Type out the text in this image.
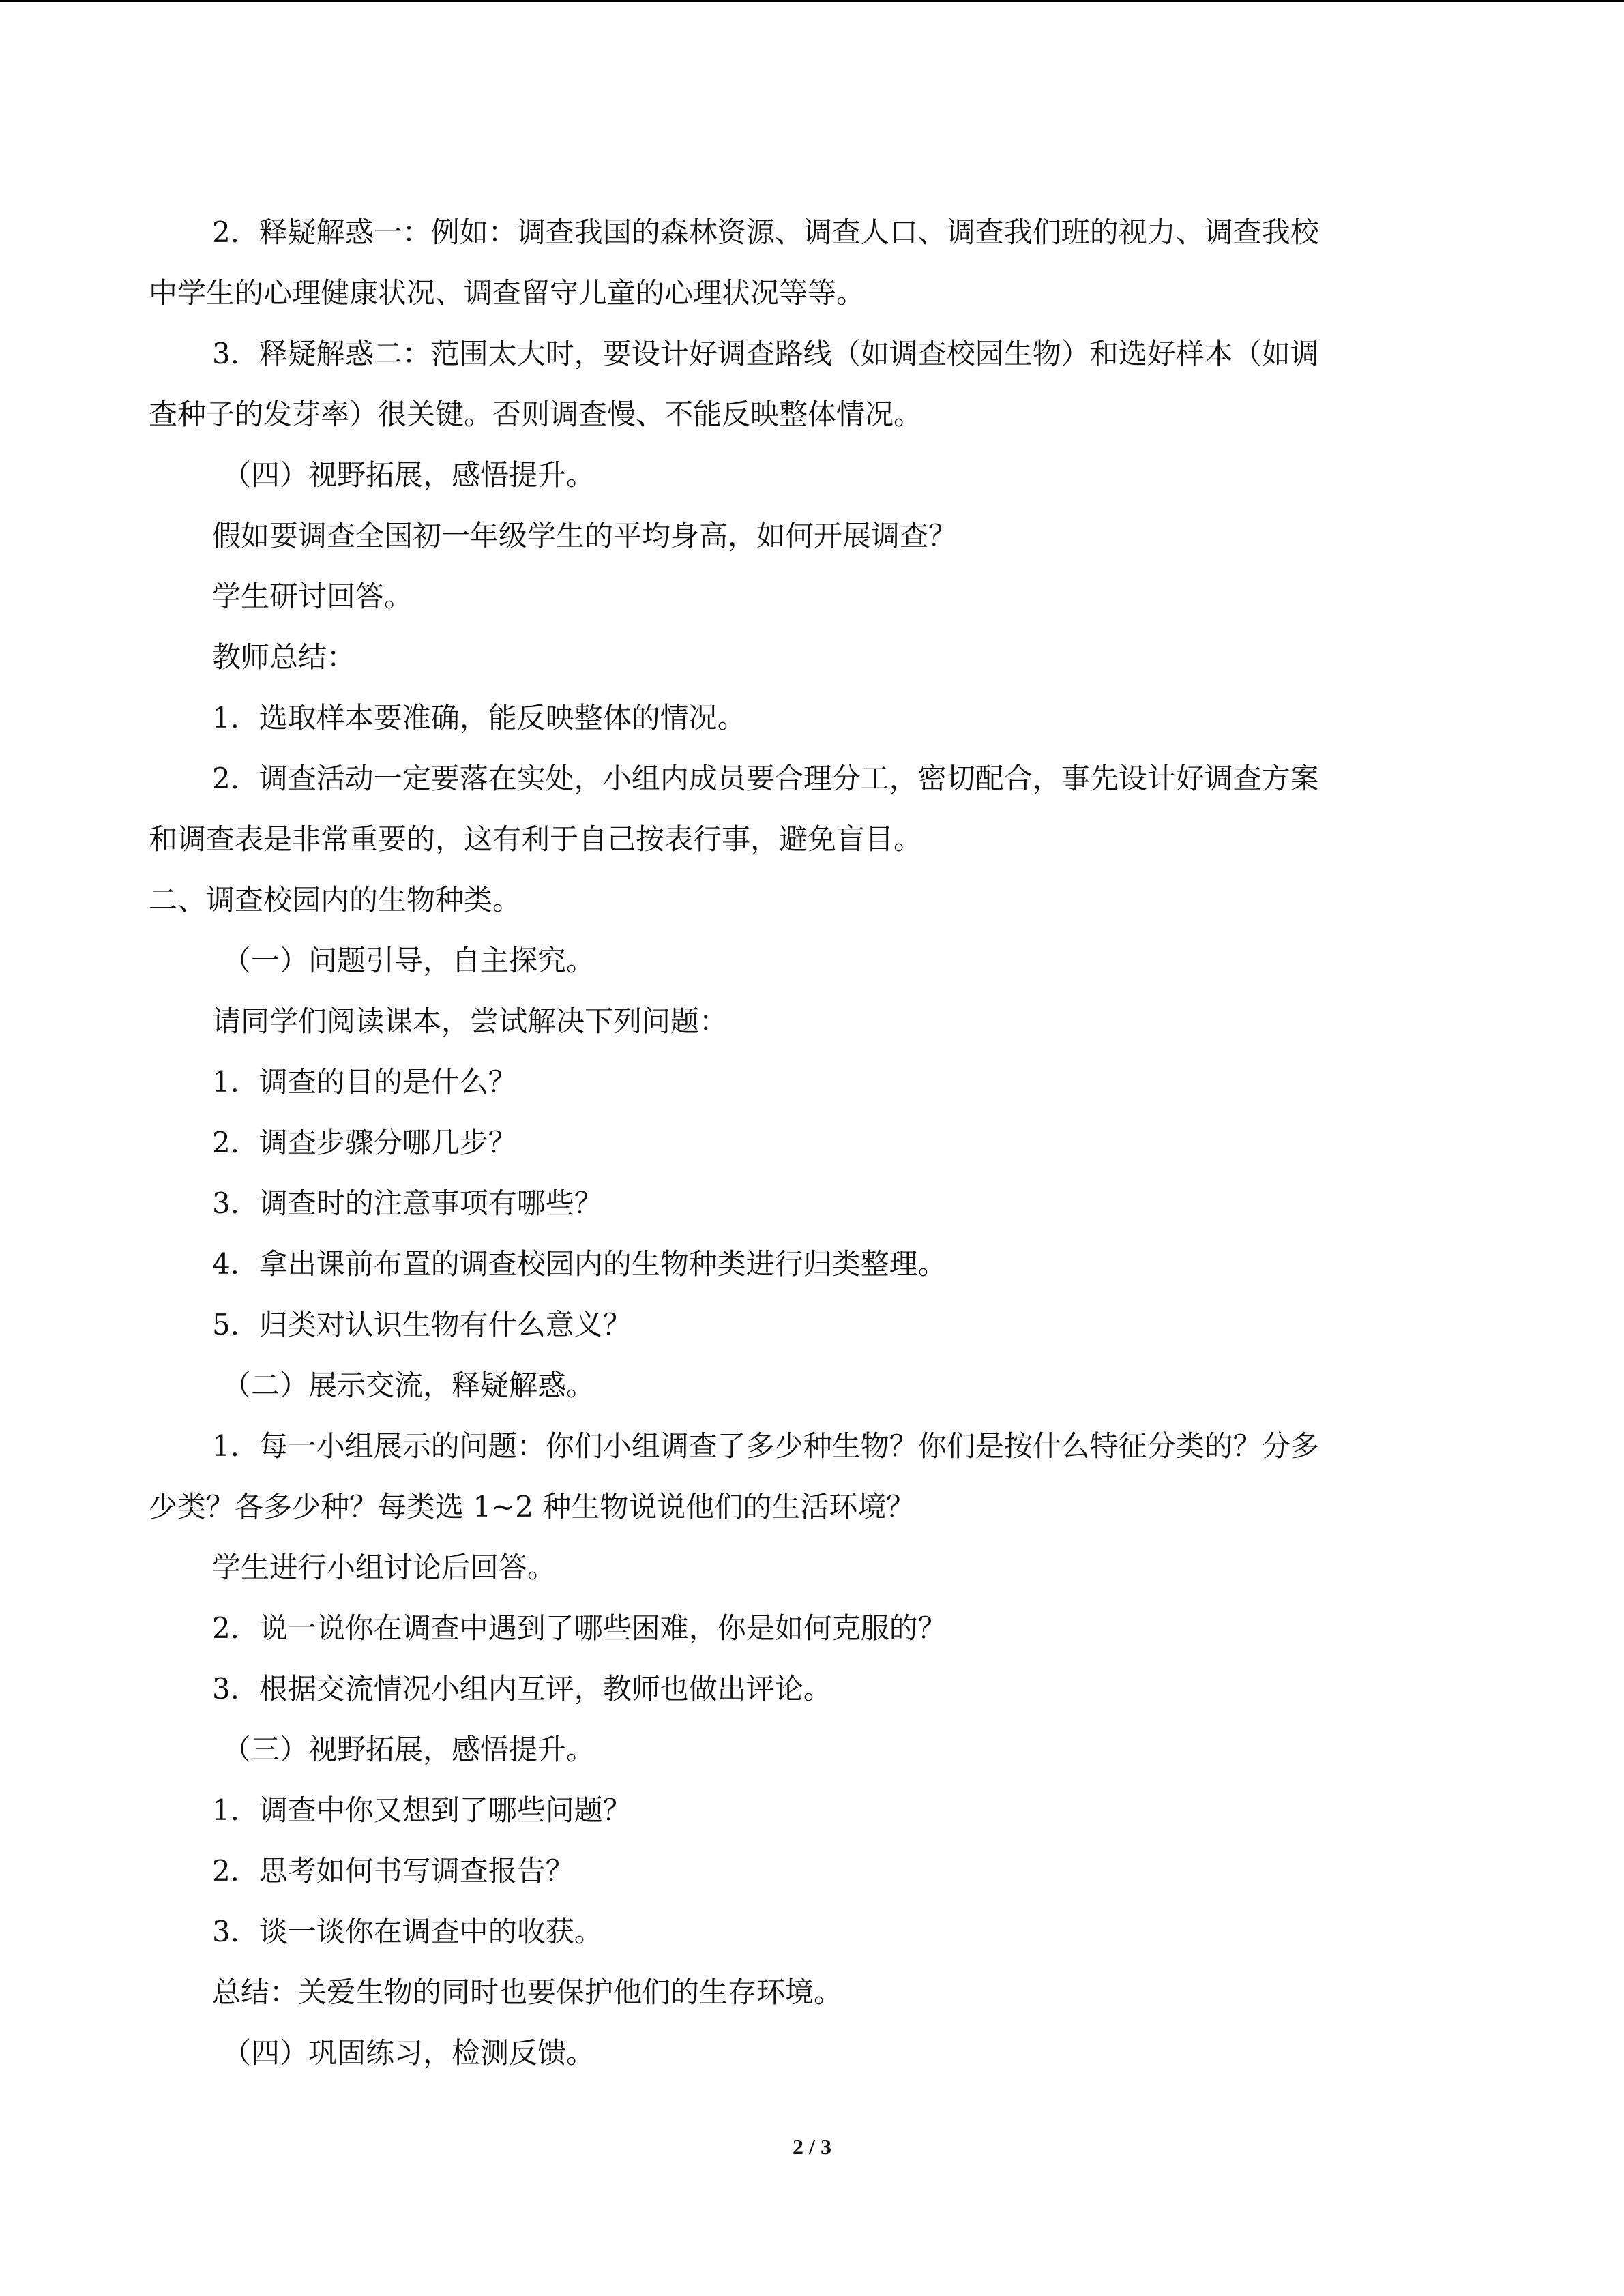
2．释疑解惑一：例如：调查我国的森林资源、调查人口、调查我们班的视力、调查我校

中学生的心理健康状况、调查留守儿童的心理状况等等。

3．释疑解惑二：范围太大时，要设计好调查路线（如调查校园生物）和选好样本（如调

查种子的发芽率）很关键。否则调查慢、不能反映整体情况。

（四）视野拓展，感悟提升。

假如要调查全国初一年级学生的平均身高，如何开展调查？

学生研讨回答。

教师总结：

1．选取样本要准确，能反映整体的情况。

2．调查活动一定要落在实处，小组内成员要合理分工，密切配合，事先设计好调查方案

和调查表是非常重要的，这有利于自己按表行事，避免盲目。

二、调查校园内的生物种类。

（一）问题引导，自主探究。

请同学们阅读课本，尝试解决下列问题：

1．调查的目的是什么？

2．调查步骤分哪几步？

3．调查时的注意事项有哪些？

4．拿出课前布置的调查校园内的生物种类进行归类整理。

5．归类对认识生物有什么意义？

（二）展示交流，释疑解惑。

1．每一小组展示的问题：你们小组调查了多少种生物？你们是按什么特征分类的？分多

少类？各多少种？每类选 1~2 种生物说说他们的生活环境？

学生进行小组讨论后回答。

2．说一说你在调查中遇到了哪些困难，你是如何克服的？

3．根据交流情况小组内互评，教师也做出评论。

（三）视野拓展，感悟提升。

1．调查中你又想到了哪些问题？

2．思考如何书写调查报告？

3．谈一谈你在调查中的收获。

总结：关爱生物的同时也要保护他们的生存环境。

（四）巩固练习，检测反馈。

2 / 3
